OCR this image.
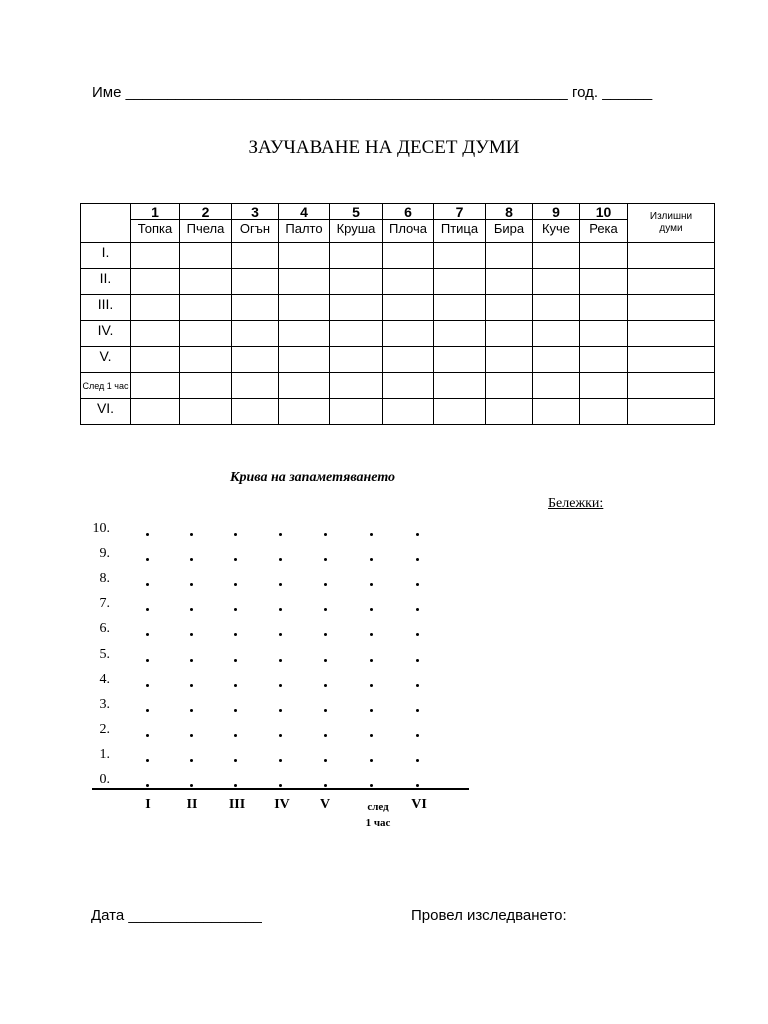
Име _____________________________________________________ год. ______
ЗАУЧАВАНЕ НА ДЕСЕТ ДУМИ
	1	2	3	4	5	6	7	8	9	10	Излишни
думи
	Топка	Пчела	Огън	Палто	Круша	Плоча	Птица	Бира	Куче	Река	
I.											
II.											
III.											
IV.											
V.											
След 1 час											
VI.											
Крива на запаметяването
Бележки:
10.
9.
8.
7.
6.
5.
4.
3.
2.
1.
0.
I	II	III	IV	V	след
1 час
VI
Дата ________________	Провел изследването:
